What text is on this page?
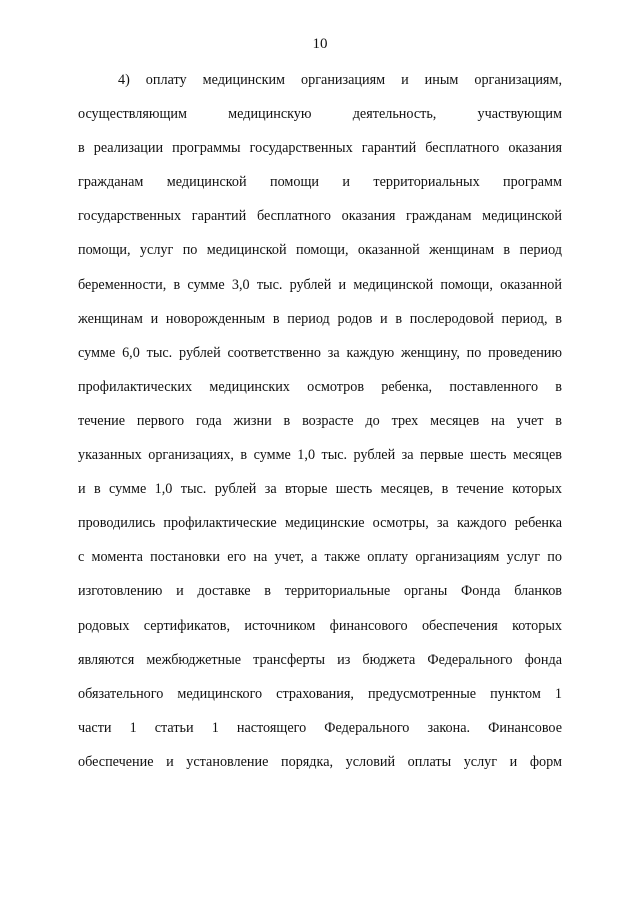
10
4) оплату медицинским организациям и иным организациям,
осуществляющим медицинскую деятельность, участвующим
в реализации программы государственных гарантий бесплатного оказания
гражданам медицинской помощи и территориальных программ
государственных гарантий бесплатного оказания гражданам медицинской
помощи, услуг по медицинской помощи, оказанной женщинам в период
беременности, в сумме 3,0 тыс. рублей и медицинской помощи, оказанной
женщинам и новорожденным в период родов и в послеродовой период, в
сумме 6,0 тыс. рублей соответственно за каждую женщину, по проведению
профилактических медицинских осмотров ребенка, поставленного в
течение первого года жизни в возрасте до трех месяцев на учет в
указанных организациях, в сумме 1,0 тыс. рублей за первые шесть месяцев
и в сумме 1,0 тыс. рублей за вторые шесть месяцев, в течение которых
проводились профилактические медицинские осмотры, за каждого ребенка
с момента постановки его на учет, а также оплату организациям услуг по
изготовлению и доставке в территориальные органы Фонда бланков
родовых сертификатов, источником финансового обеспечения которых
являются межбюджетные трансферты из бюджета Федерального фонда
обязательного медицинского страхования, предусмотренные пунктом 1
части 1 статьи 1 настоящего Федерального закона. Финансовое
обеспечение и установление порядка, условий оплаты услуг и форм
